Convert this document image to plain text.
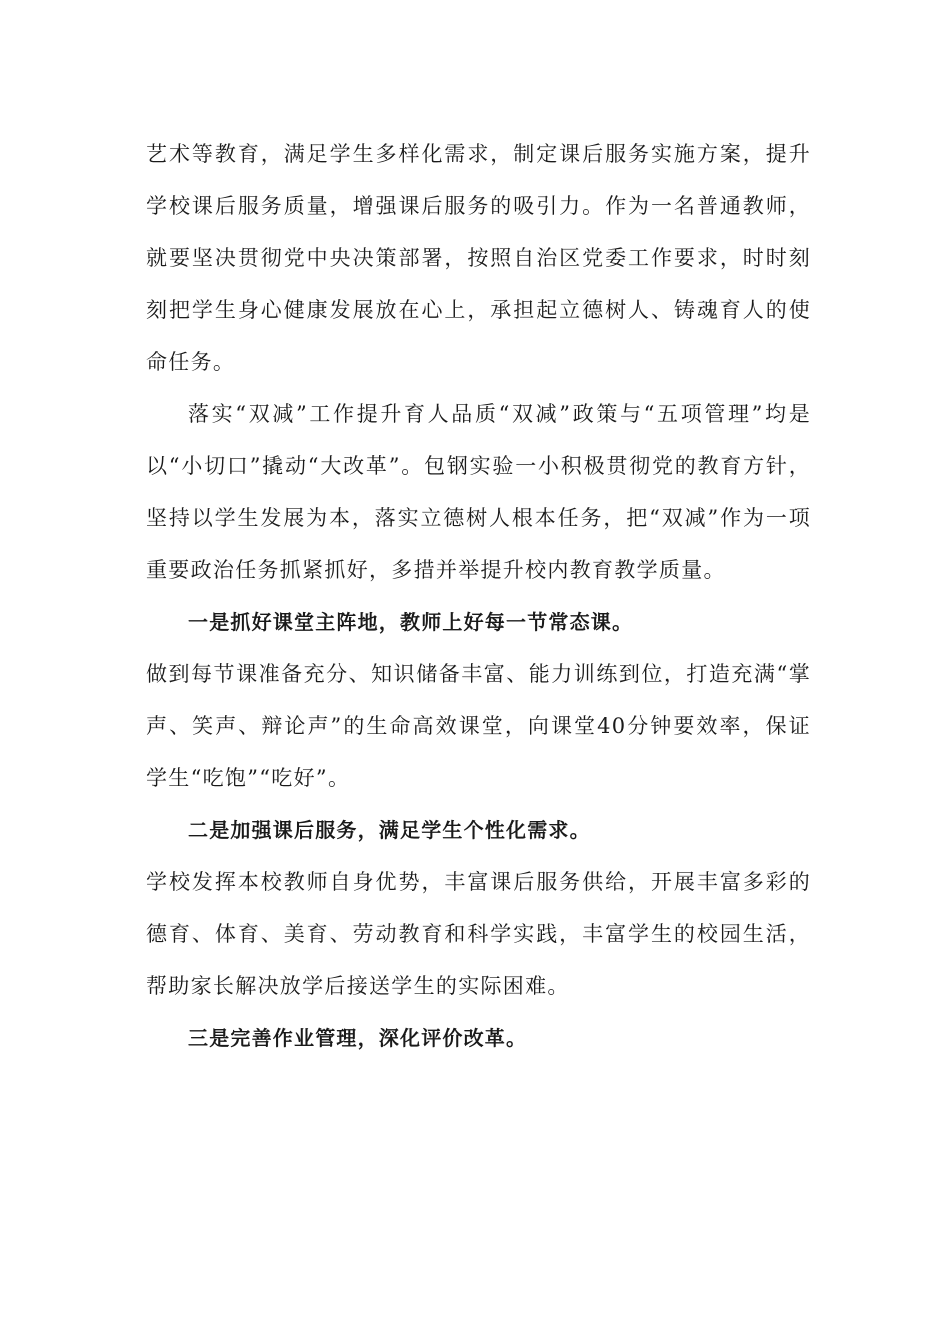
艺术等教育，满足学生多样化需求，制定课后服务实施方案，提升学校课后服务质量，增强课后服务的吸引力。作为一名普通教师，就要坚决贯彻党中央决策部署，按照自治区党委工作要求，时时刻刻把学生身心健康发展放在心上，承担起立德树人、铸魂育人的使命任务。

落实“双减”工作提升育人品质“双减”政策与“五项管理”均是以“小切口”撬动“大改革”。包钢实验一小积极贯彻党的教育方针，坚持以学生发展为本，落实立德树人根本任务，把“双减”作为一项重要政治任务抓紧抓好，多措并举提升校内教育教学质量。

一是抓好课堂主阵地，教师上好每一节常态课。

做到每节课准备充分、知识储备丰富、能力训练到位，打造充满“掌声、笑声、辩论声”的生命高效课堂，向课堂40分钟要效率，保证学生“吃饱”“吃好”。

二是加强课后服务，满足学生个性化需求。

学校发挥本校教师自身优势，丰富课后服务供给，开展丰富多彩的德育、体育、美育、劳动教育和科学实践，丰富学生的校园生活，帮助家长解决放学后接送学生的实际困难。

三是完善作业管理，深化评价改革。
